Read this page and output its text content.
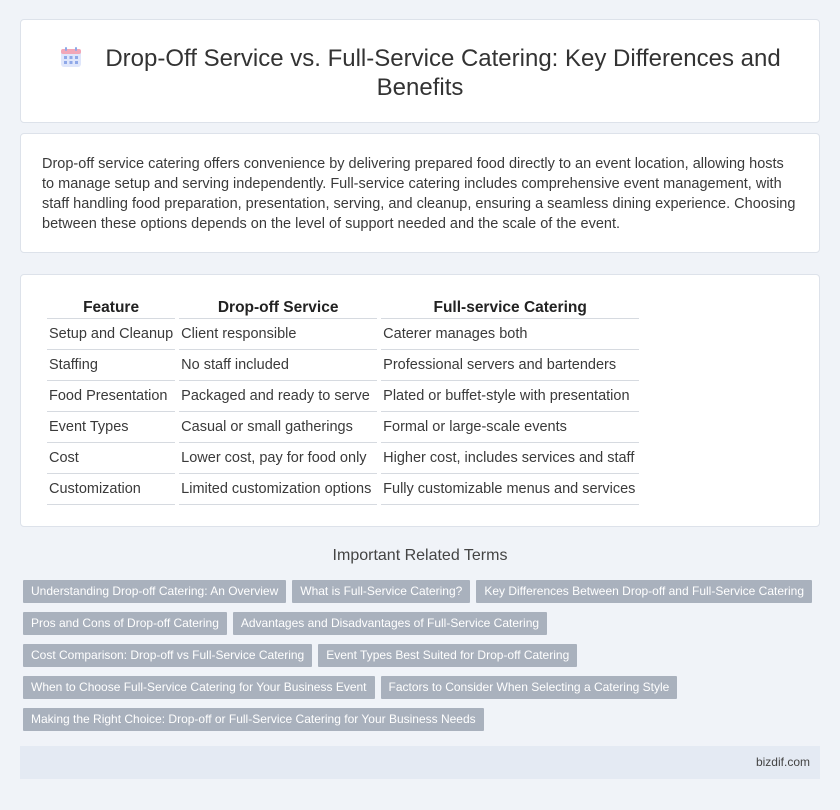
Drop-Off Service vs. Full-Service Catering: Key Differences and
Benefits

Drop-off service catering offers convenience by delivering prepared food directly to an event location, allowing hosts to manage setup and serving independently. Full-service catering includes comprehensive event management, with staff handling food preparation, presentation, serving, and cleanup, ensuring a seamless dining experience. Choosing between these options depends on the level of support needed and the scale of the event.

Feature	Drop-off Service	Full-service Catering
Setup and Cleanup	Client responsible	Caterer manages both
Staffing	No staff included	Professional servers and bartenders
Food Presentation	Packaged and ready to serve	Plated or buffet-style with presentation
Event Types	Casual or small gatherings	Formal or large-scale events
Cost	Lower cost, pay for food only	Higher cost, includes services and staff
Customization	Limited customization options	Fully customizable menus and services
Important Related Terms
Understanding Drop-off Catering: An Overview What is Full-Service Catering? Key Differences Between Drop-off and Full-Service Catering
Pros and Cons of Drop-off Catering Advantages and Disadvantages of Full-Service Catering
Cost Comparison: Drop-off vs Full-Service Catering Event Types Best Suited for Drop-off Catering
When to Choose Full-Service Catering for Your Business Event Factors to Consider When Selecting a Catering Style
Making the Right Choice: Drop-off or Full-Service Catering for Your Business Needs
bizdif.com
